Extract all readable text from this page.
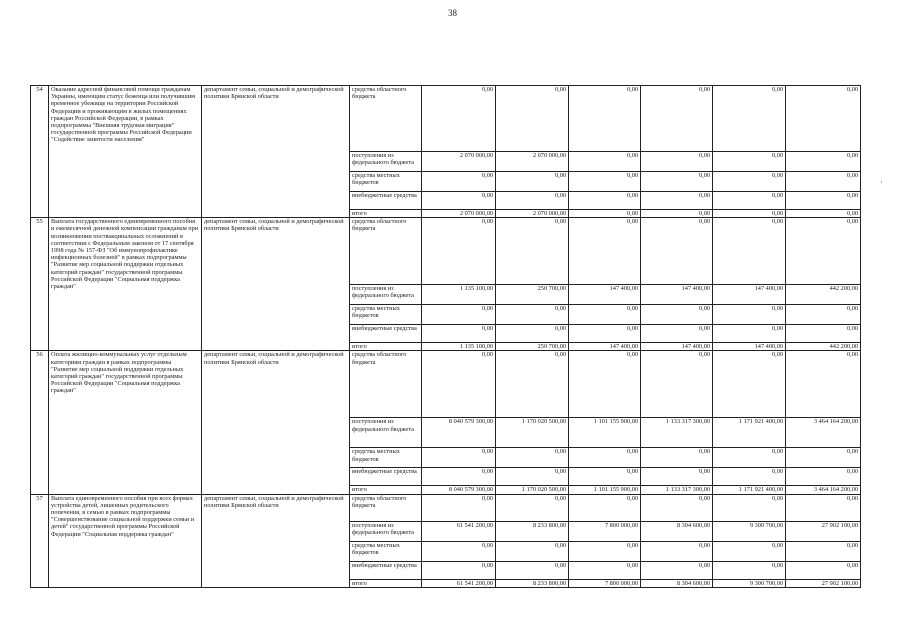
38
·
54	Оказание адресной финансовой помощи гражданам Украины, имеющим статус беженца или получившим временное убежище на территории Российской Федерации и проживающим в жилых помещениях граждан Российской Федерации, в рамках подпрограммы "Внешняя трудовая миграция" государственной программы Российской Федерации "Содействие занятости населения"	департамент семьи, социальной и демографической политики Брянской области	средства областного бюджета	0,00	0,00	0,00	0,00	0,00	0,00
			поступления из федерального бюджета	2 070 000,00	2 070 000,00	0,00	0,00	0,00	0,00
			средства местных бюджетов	0,00	0,00	0,00	0,00	0,00	0,00
			внебюджетные средства	0,00	0,00	0,00	0,00	0,00	0,00
			итого	2 070 000,00	2 070 000,00	0,00	0,00	0,00	0,00
55	Выплата государственного единовременного пособия и ежемесячной денежной компенсации гражданам при возникновении поствакцинальных осложнений в соответствии с Федеральным законом от 17 сентября 1998 года № 157-ФЗ "Об иммунопрофилактике инфекционных болезней" в рамках подпрограммы "Развитие мер социальной поддержки отдельных категорий граждан" государственной программы Российской Федерации "Социальная поддержка граждан"	департамент семьи, социальной и демографической политики Брянской области	средства областного бюджета	0,00	0,00	0,00	0,00	0,00	0,00
			поступления из федерального бюджета	1 135 100,00	250 700,00	147 400,00	147 400,00	147 400,00	442 200,00
			средства местных бюджетов	0,00	0,00	0,00	0,00	0,00	0,00
			внебюджетные средства	0,00	0,00	0,00	0,00	0,00	0,00
			итого	1 135 100,00	250 700,00	147 400,00	147 400,00	147 400,00	442 200,00
56	Оплата жилищно-коммунальных услуг отдельным категориям граждан в рамках подпрограммы "Развитие мер социальной поддержки отдельных категорий граждан" государственной программы Российской Федерации "Социальная поддержка граждан"	департамент семьи, социальной и демографической политики Брянской области	средства областного бюджета	0,00	0,00	0,00	0,00	0,00	0,00
			поступления из федерального бюджета	8 040 579 300,00	1 170 020 500,00	1 101 155 900,00	1 133 317 300,00	1 171 921 400,00	3 464 164 200,00
			средства местных бюджетов	0,00	0,00	0,00	0,00	0,00	0,00
			внебюджетные средства	0,00	0,00	0,00	0,00	0,00	0,00
			итого	8 040 579 300,00	1 170 020 500,00	1 101 155 900,00	1 133 317 300,00	1 171 921 400,00	3 464 164 200,00
57	Выплата единовременного пособия при всех формах устройства детей, лишенных родительского попечения, в семью в рамках подпрограммы "Совершенствование социальной поддержки семьи и детей" государственной программы Российской Федерации "Социальная поддержка граждан"	департамент семьи, социальной и демографической политики Брянской области	средства областного бюджета	0,00	0,00	0,00	0,00	0,00	0,00
			поступления из федерального бюджета	61 541 200,00	8 233 800,00	7 800 000,00	8 304 600,00	9 300 700,00	27 902 100,00
			средства местных бюджетов	0,00	0,00	0,00	0,00	0,00	0,00
			внебюджетные средства	0,00	0,00	0,00	0,00	0,00	0,00
			итого	61 541 200,00	8 233 800,00	7 800 000,00	8 304 600,00	9 300 700,00	27 902 100,00
